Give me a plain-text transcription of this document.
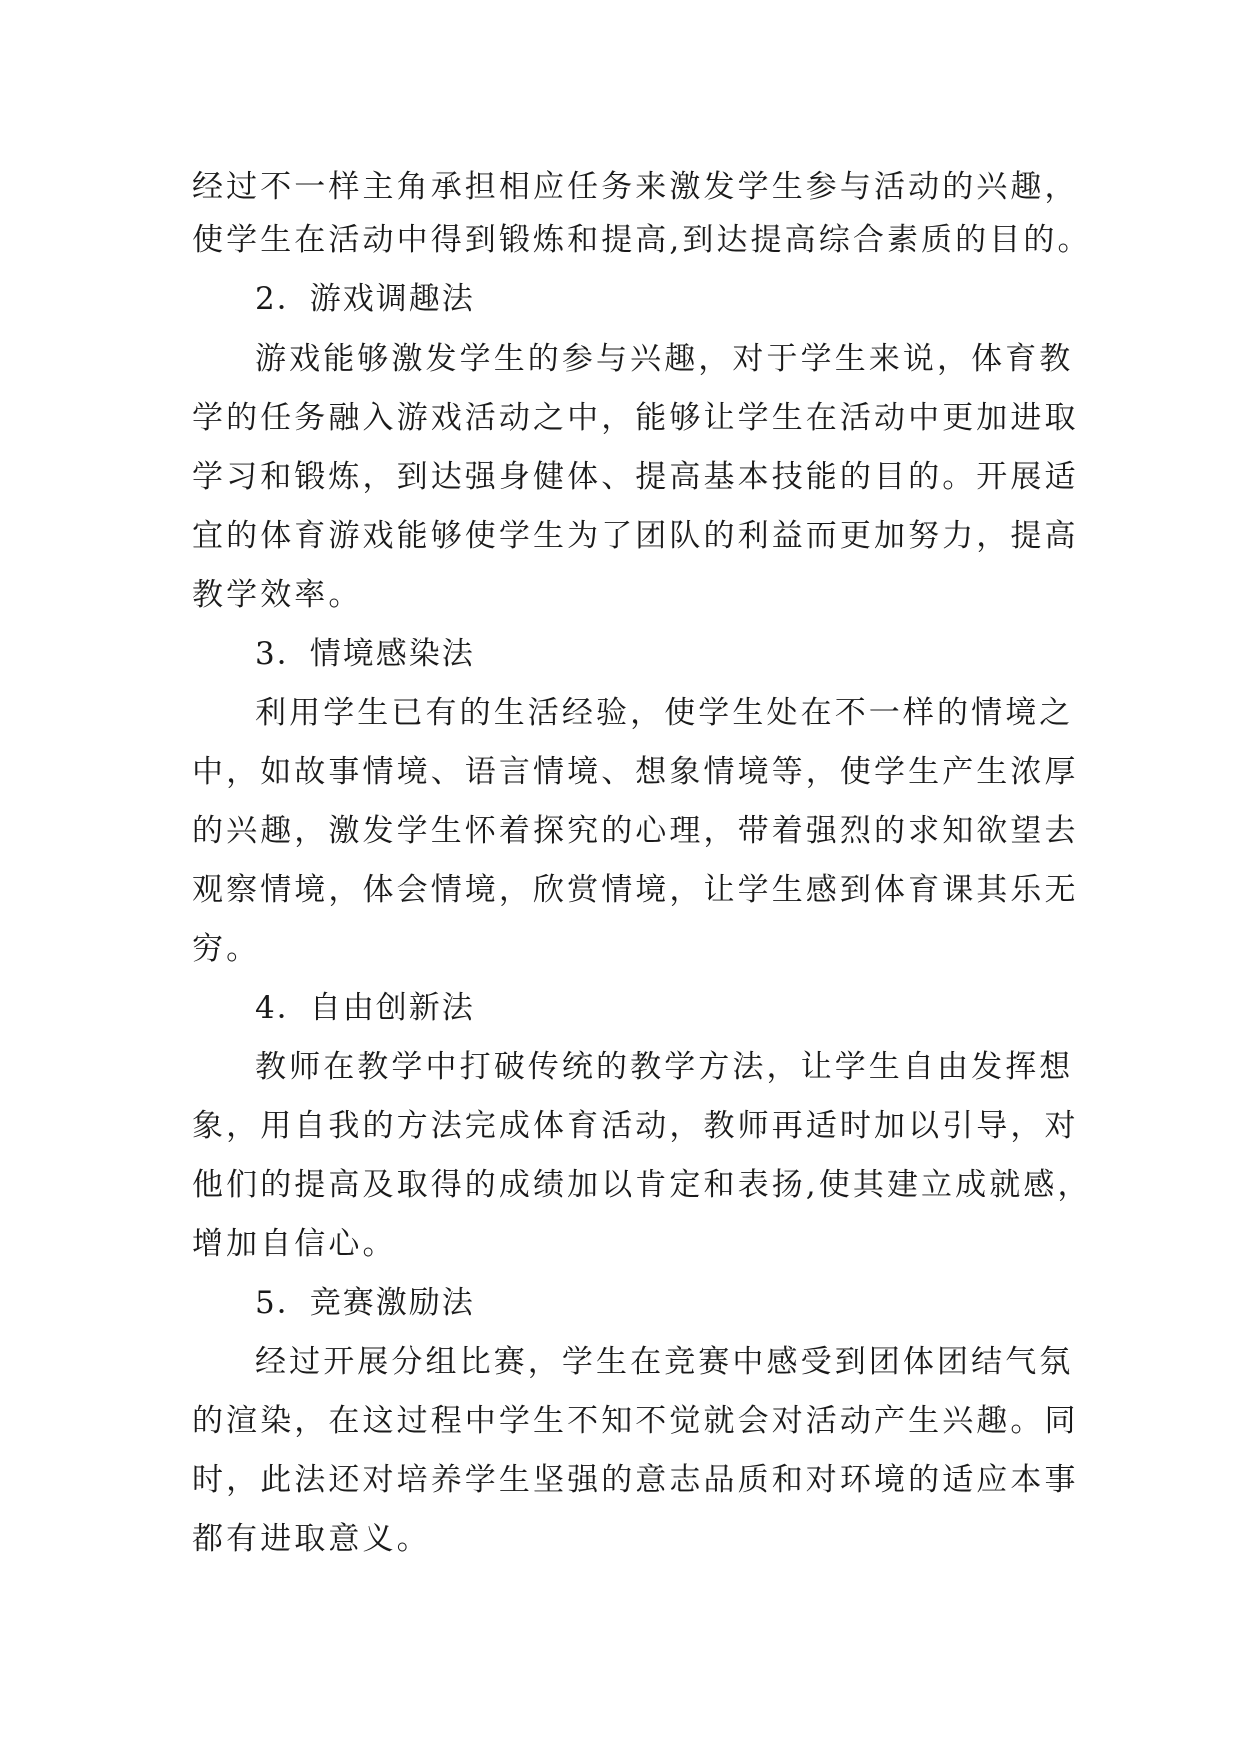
经过不一样主角承担相应任务来激发学生参与活动的兴趣，
使学生在活动中得到锻炼和提高,到达提高综合素质的目的。
2．游戏调趣法
游戏能够激发学生的参与兴趣，对于学生来说，体育教
学的任务融入游戏活动之中，能够让学生在活动中更加进取
学习和锻炼，到达强身健体、提高基本技能的目的。开展适
宜的体育游戏能够使学生为了团队的利益而更加努力，提高
教学效率。
3．情境感染法
利用学生已有的生活经验，使学生处在不一样的情境之
中，如故事情境、语言情境、想象情境等，使学生产生浓厚
的兴趣，激发学生怀着探究的心理，带着强烈的求知欲望去
观察情境，体会情境，欣赏情境，让学生感到体育课其乐无
穷。
4．自由创新法
教师在教学中打破传统的教学方法，让学生自由发挥想
象，用自我的方法完成体育活动，教师再适时加以引导，对
他们的提高及取得的成绩加以肯定和表扬,使其建立成就感，
增加自信心。
5．竞赛激励法
经过开展分组比赛，学生在竞赛中感受到团体团结气氛
的渲染，在这过程中学生不知不觉就会对活动产生兴趣。同
时，此法还对培养学生坚强的意志品质和对环境的适应本事
都有进取意义。
